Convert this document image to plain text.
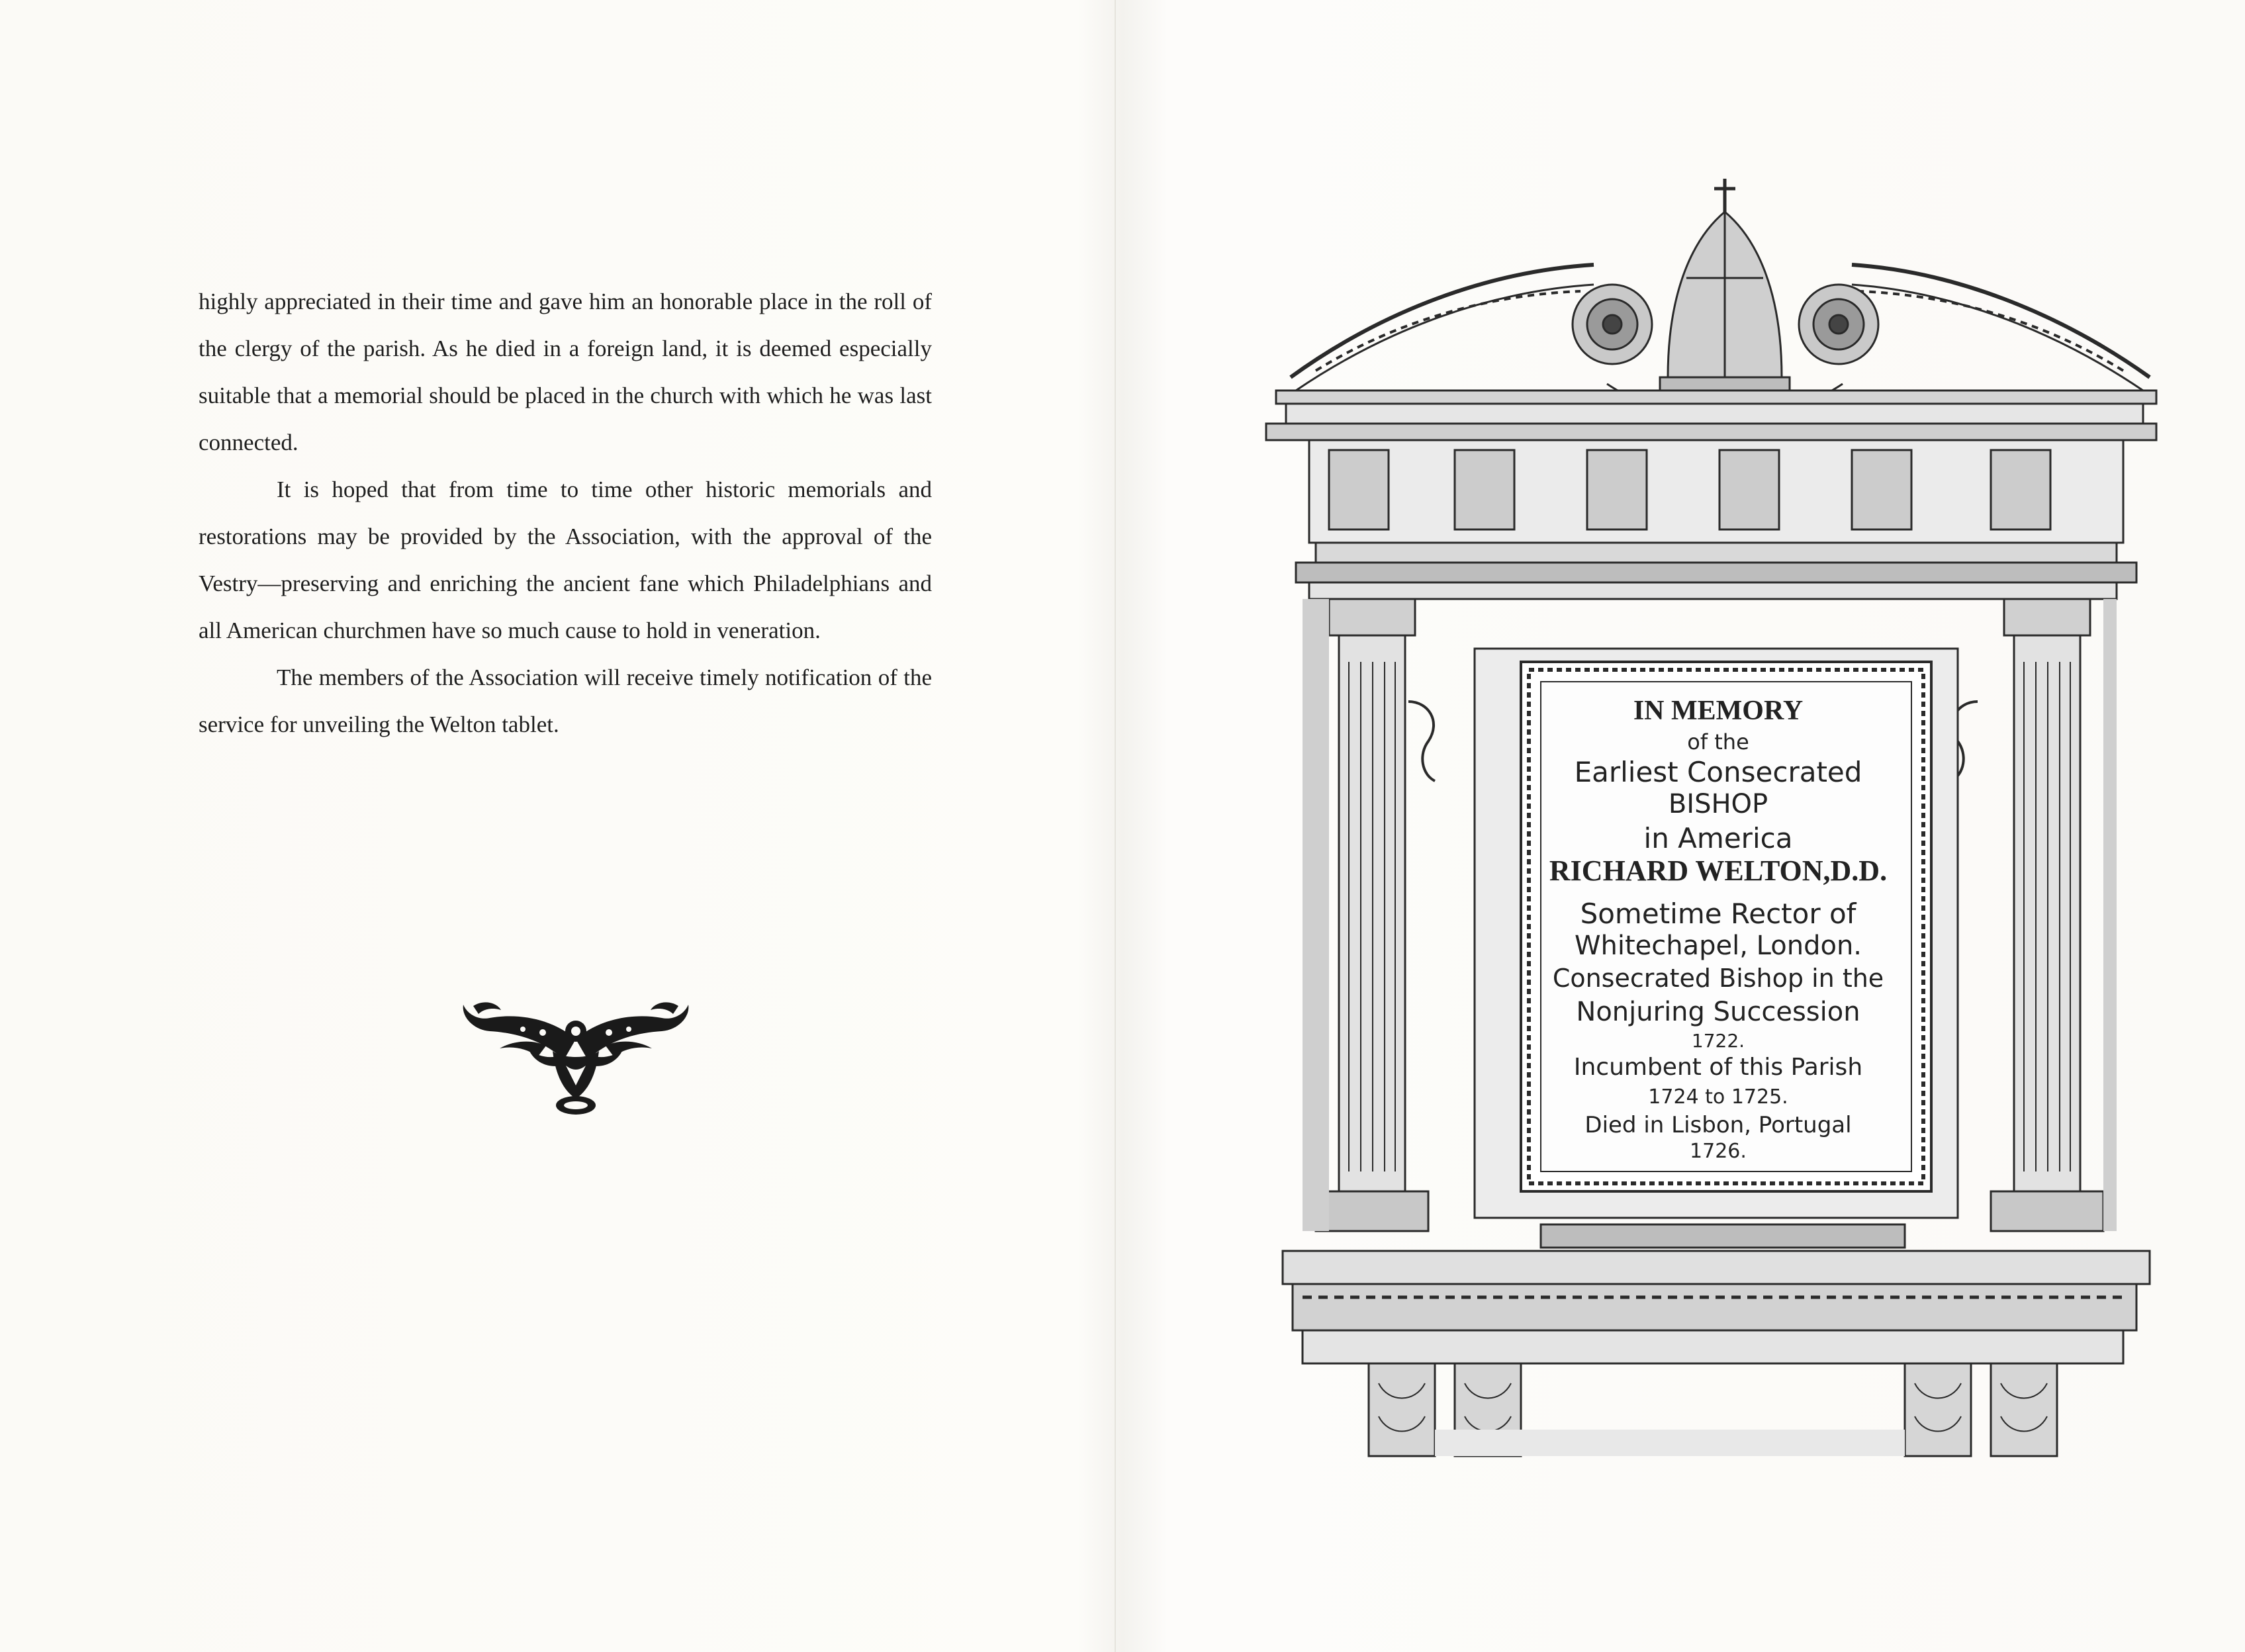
highly appreciated in their time and gave him an honorable place in the roll of the clergy of the parish. As he died in a foreign land, it is deemed especially suitable that a memorial should be placed in the church with which he was last connected.

It is hoped that from time to time other historic memorials and restorations may be provided by the Association, with the approval of the Vestry—preserving and enriching the ancient fane which Philadelphians and all American churchmen have so much cause to hold in veneration.

The members of the Association will receive timely notification of the service for unveiling the Welton tablet.	IN MEMORY
of the
Earliest Consecrated
BISHOP
in America
RICHARD WELTON,D.D.
Sometime Rector of
Whitechapel, London.
Consecrated Bishop in the
Nonjuring Succession
1722.
Incumbent of this Parish
1724 to 1725.
Died in Lisbon, Portugal
1726.
